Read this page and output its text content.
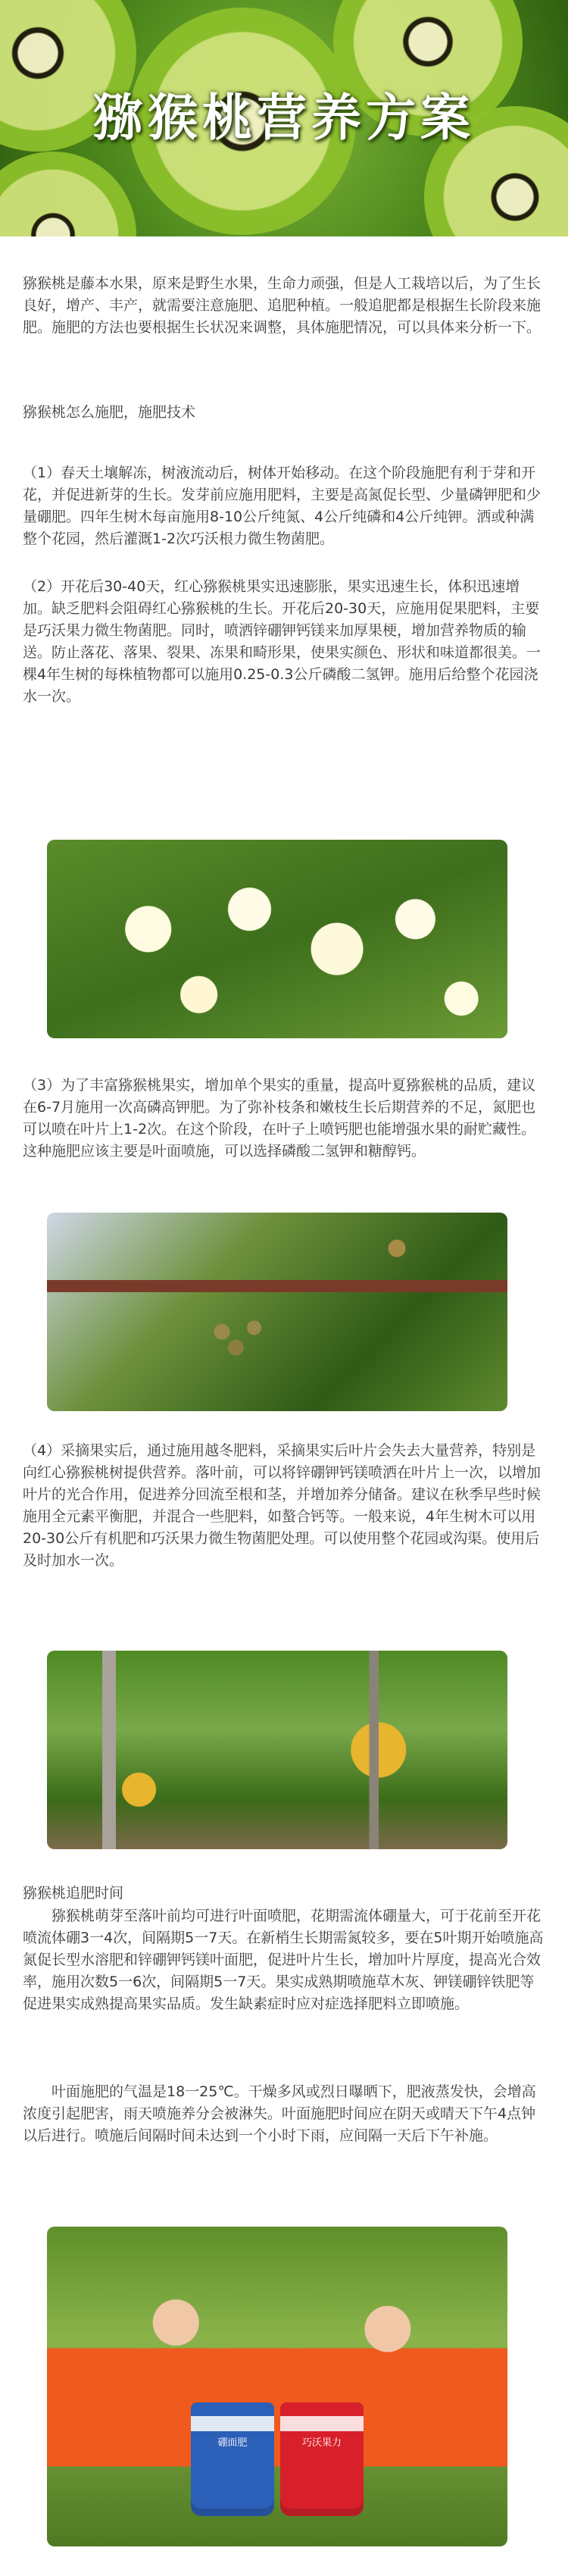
猕猴桃营养方案

猕猴桃是藤本水果，原来是野生水果，生命力顽强，但是人工栽培以后，为了生长良好，增产、丰产，就需要注意施肥、追肥种植。一般追肥都是根据生长阶段来施肥。施肥的方法也要根据生长状况来调整，具体施肥情况，可以具体来分析一下。

猕猴桃怎么施肥，施肥技术

（1）春天土壤解冻，树液流动后，树体开始移动。在这个阶段施肥有利于芽和开花，并促进新芽的生长。发芽前应施用肥料，主要是高氮促长型、少量磷钾肥和少量硼肥。四年生树木每亩施用8-10公斤纯氮、4公斤纯磷和4公斤纯钾。洒或种满整个花园，然后灌溉1-2次巧沃根力微生物菌肥。

（2）开花后30-40天，红心猕猴桃果实迅速膨胀，果实迅速生长，体积迅速增加。缺乏肥料会阻碍红心猕猴桃的生长。开花后20-30天，应施用促果肥料，主要是巧沃果力微生物菌肥。同时，喷洒锌硼钾钙镁来加厚果梗，增加营养物质的输送。防止落花、落果、裂果、冻果和畸形果，使果实颜色、形状和味道都很美。一棵4年生树的每株植物都可以施用0.25-0.3公斤磷酸二氢钾。施用后给整个花园浇水一次。

（3）为了丰富猕猴桃果实，增加单个果实的重量，提高叶夏猕猴桃的品质，建议在6-7月施用一次高磷高钾肥。为了弥补枝条和嫩枝生长后期营养的不足，氮肥也可以喷在叶片上1-2次。在这个阶段，在叶子上喷钙肥也能增强水果的耐贮藏性。这种施肥应该主要是叶面喷施，可以选择磷酸二氢钾和糖醇钙。

（4）采摘果实后，通过施用越冬肥料，采摘果实后叶片会失去大量营养，特别是向红心猕猴桃树提供营养。落叶前，可以将锌硼钾钙镁喷洒在叶片上一次，以增加叶片的光合作用，促进养分回流至根和茎，并增加养分储备。建议在秋季早些时候施用全元素平衡肥，并混合一些肥料，如螯合钙等。一般来说，4年生树木可以用20-30公斤有机肥和巧沃果力微生物菌肥处理。可以使用整个花园或沟渠。使用后及时加水一次。

猕猴桃追肥时间

猕猴桃萌芽至落叶前均可进行叶面喷肥，花期需流体硼量大，可于花前至开花喷流体硼3一4次，间隔期5一7天。在新梢生长期需氮较多，要在5叶期开始喷施高氮促长型水溶肥和锌硼钾钙镁叶面肥，促进叶片生长，增加叶片厚度，提高光合效率，施用次数5一6次，间隔期5一7天。果实成熟期喷施草木灰、钾镁硼锌铁肥等促进果实成熟提高果实品质。发生缺素症时应对症选择肥料立即喷施。

叶面施肥的气温是18一25℃。干燥多风或烈日曝晒下，肥液蒸发快，会增高浓度引起肥害，雨天喷施养分会被淋失。叶面施肥时间应在阴天或晴天下午4点钟以后进行。喷施后间隔时间未达到一个小时下雨，应间隔一天后下午补施。

硼面肥	巧沃果力
